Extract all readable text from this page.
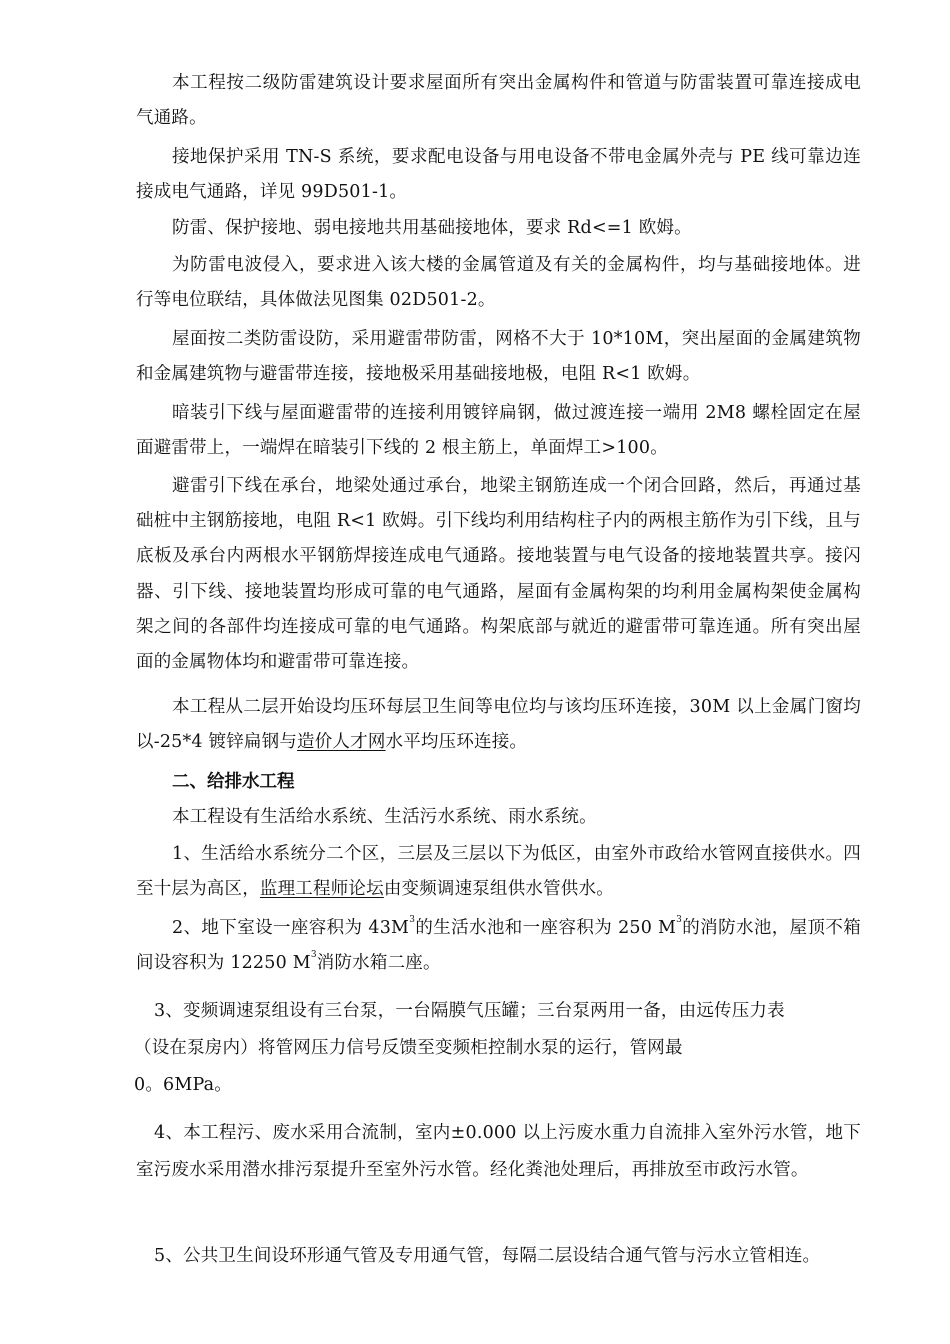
本工程按二级防雷建筑设计要求屋面所有突出金属构件和管道与防雷装置可靠连接成电气通路。

接地保护采用 TN-S 系统，要求配电设备与用电设备不带电金属外壳与 PE 线可靠边连接成电气通路，详见 99D501-1。

防雷、保护接地、弱电接地共用基础接地体，要求 Rd<=1 欧姆。

为防雷电波侵入，要求进入该大楼的金属管道及有关的金属构件，均与基础接地体。进行等电位联结，具体做法见图集 02D501-2。

屋面按二类防雷设防，采用避雷带防雷，网格不大于 10*10M，突出屋面的金属建筑物和金属建筑物与避雷带连接，接地极采用基础接地极，电阻 R<1 欧姆。

暗装引下线与屋面避雷带的连接利用镀锌扁钢，做过渡连接一端用 2M8 螺栓固定在屋面避雷带上，一端焊在暗装引下线的 2 根主筋上，单面焊工>100。

避雷引下线在承台，地梁处通过承台，地梁主钢筋连成一个闭合回路，然后，再通过基础桩中主钢筋接地，电阻 R<1 欧姆。引下线均利用结构柱子内的两根主筋作为引下线，且与底板及承台内两根水平钢筋焊接连成电气通路。接地装置与电气设备的接地装置共享。接闪器、引下线、接地装置均形成可靠的电气通路，屋面有金属构架的均利用金属构架使金属构架之间的各部件均连接成可靠的电气通路。构架底部与就近的避雷带可靠连通。所有突出屋面的金属物体均和避雷带可靠连接。

本工程从二层开始设均压环每层卫生间等电位均与该均压环连接，30M 以上金属门窗均以-25*4 镀锌扁钢与造价人才网水平均压环连接。

二、给排水工程

本工程设有生活给水系统、生活污水系统、雨水系统。

1、生活给水系统分二个区，三层及三层以下为低区，由室外市政给水管网直接供水。四至十层为高区，监理工程师论坛由变频调速泵组供水管供水。

2、地下室设一座容积为 $43M^3$的生活水池和一座容积为 250 $M^3$的消防水池，屋顶不箱间设容积为 12250 $M^3$消防水箱二座。

3、变频调速泵组设有三台泵，一台隔膜气压罐；三台泵两用一备，由远传压力表
（设在泵房内）将管网压力信号反馈至变频柜控制水泵的运行，管网最
0。6MPa。

4、本工程污、废水采用合流制，室内±0.000 以上污废水重力自流排入室外污水管，地下室污废水采用潜水排污泵提升至室外污水管。经化粪池处理后，再排放至市政污水管。

5、公共卫生间设环形通气管及专用通气管，每隔二层设结合通气管与污水立管相连。
